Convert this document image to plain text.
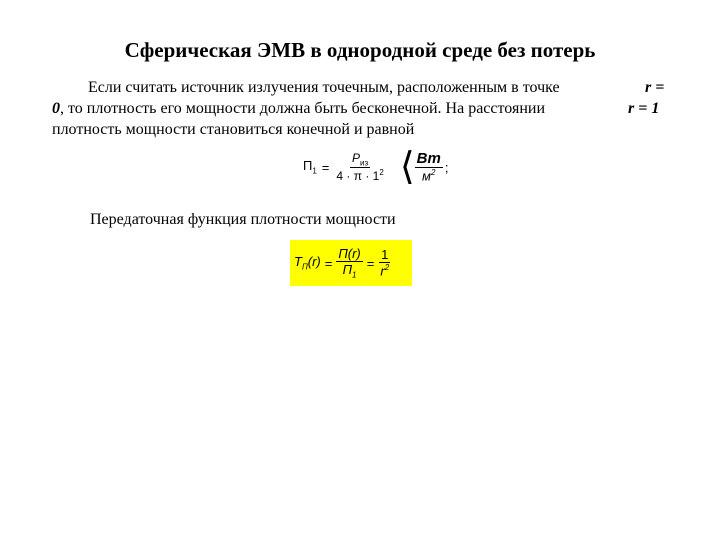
Сферическая ЭМВ в однородной среде без потерь
Если считать источник излучения точечным, расположенным в точке	r =
0, то плотность его мощности должна быть бесконечной. На расстоянии	r = 1
плотность мощности становиться конечной и равной
$П_1 = \frac{P_{из}}{4 \cdot \pi \cdot 1^2}$ ⟨ $\frac{Вт}{м^2}$ ;
Передаточная функция плотности мощности
$T_П(r) = \frac{П(r)}{П_1} = \frac{1}{r^2}$
